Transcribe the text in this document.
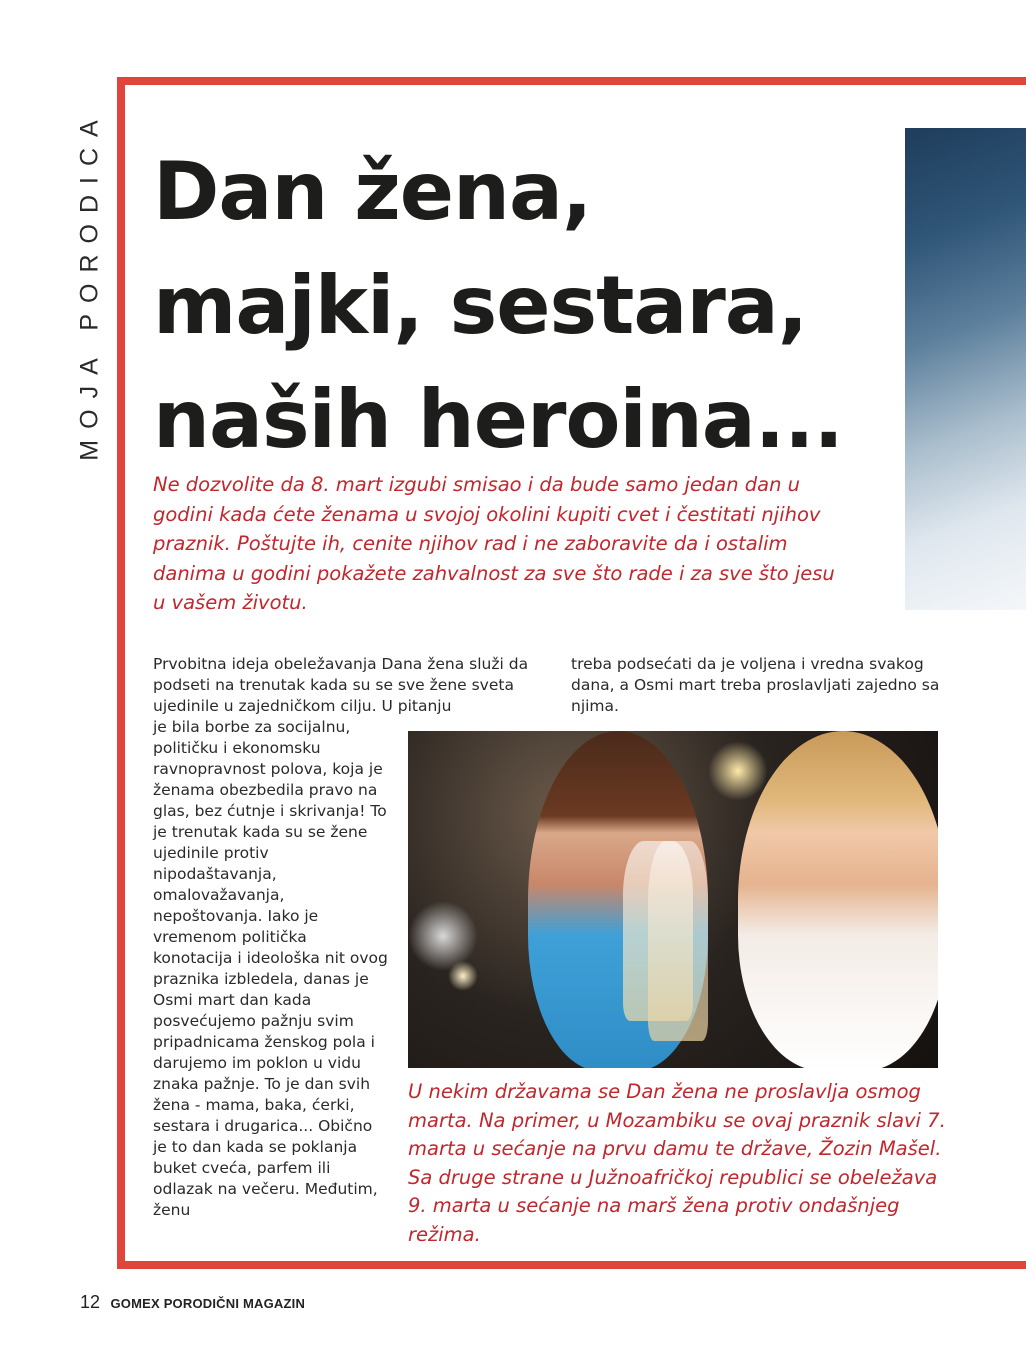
MOJA PORODICA Dan žena,
majki, sestara,
naših heroina...

Ne dozvolite da 8. mart izgubi smisao i da bude samo jedan dan u godini kada ćete ženama u svojoj okolini kupiti cvet i čestitati njihov praznik. Poštujte ih, cenite njihov rad i ne zaboravite da i ostalim danima u godini pokažete zahvalnost za sve što rade i za sve što jesu u vašem životu.

Prvobitna ideja obeležavanja Dana žena služi da podseti na trenutak kada su se sve žene sveta ujedinile u zajedničkom cilju. U pitanju

je bila borbe za socijalnu, političku i ekonomsku ravnopravnost polova, koja je ženama obezbedila pravo na glas, bez ćutnje i skrivanja! To je trenutak kada su se žene ujedinile protiv nipodaštavanja, omalovažavanja, nepoštovanja. Iako je vremenom politička konotacija i ideološka nit ovog praznika izbledela, danas je Osmi mart dan kada posvećujemo pažnju svim pripadnicama ženskog pola i darujemo im poklon u vidu znaka pažnje. To je dan svih žena - mama, baka, ćerki, sestara i drugarica... Obično je to dan kada se poklanja buket cveća, parfem ili odlazak na večeru. Međutim, ženu

treba podsećati da je voljena i vredna svakog dana, a Osmi mart treba proslavljati zajedno sa njima.

U nekim državama se Dan žena ne proslavlja osmog marta. Na primer, u Mozambiku se ovaj praznik slavi 7. marta u sećanje na prvu damu te države, Žozin Mašel. Sa druge strane u Južnoafričkoj republici se obeležava 9. marta u sećanje na marš žena protiv ondašnjeg režima.

12 GOMEX PORODIČNI MAGAZIN
